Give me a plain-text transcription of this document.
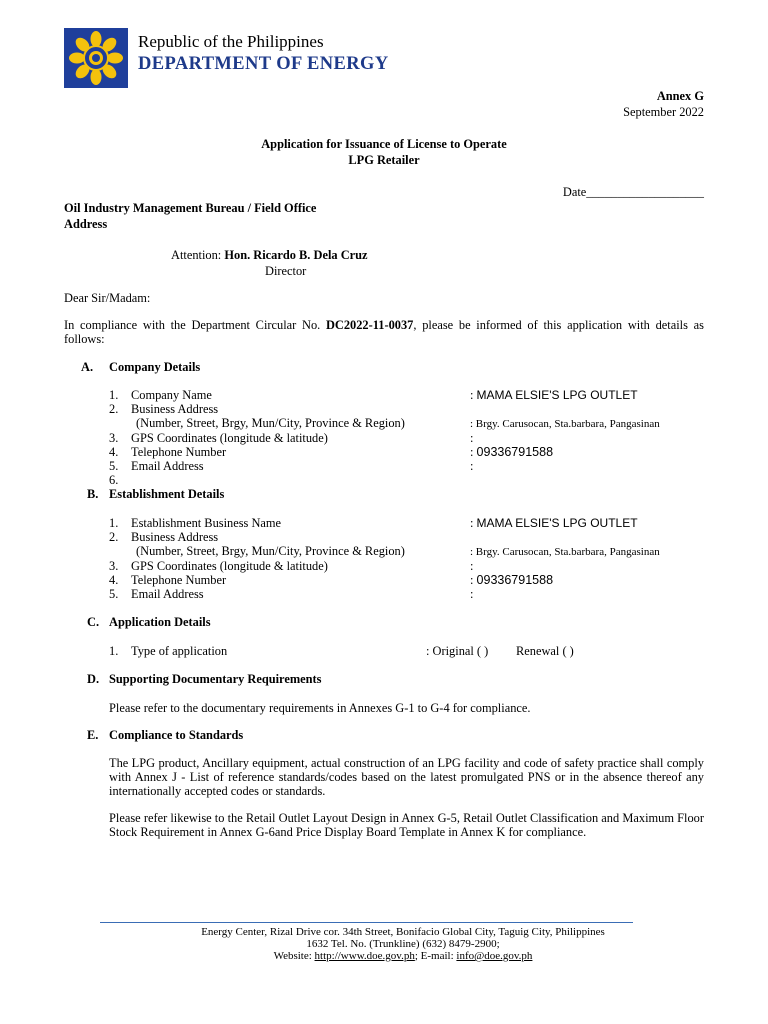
Republic of the Philippines
DEPARTMENT OF ENERGY
Annex G
September 2022
Application for Issuance of License to Operate
LPG Retailer
Date___________________
Oil Industry Management Bureau / Field Office
Address
Attention: Hon. Ricardo B. Dela Cruz
Director
Dear Sir/Madam:
In compliance with the Department Circular No. DC2022-11-0037, please be informed of this application with details as follows:
A. Company Details
1. Company Name	: MAMA ELSIE'S LPG OUTLET
2. Business Address
(Number, Street, Brgy, Mun/City, Province & Region)	: Brgy. Carusocan, Sta.barbara, Pangasinan
3. GPS Coordinates (longitude & latitude)	:
4. Telephone Number	: 09336791588
5. Email Address	:
6.
B. Establishment Details
1. Establishment Business Name	: MAMA ELSIE'S LPG OUTLET
2. Business Address
(Number, Street, Brgy, Mun/City, Province & Region)	: Brgy. Carusocan, Sta.barbara, Pangasinan
3. GPS Coordinates (longitude & latitude)	:
4. Telephone Number	: 09336791588
5. Email Address	:
C. Application Details
1. Type of application	: Original ( ) Renewal ( )
D. Supporting Documentary Requirements
Please refer to the documentary requirements in Annexes G-1 to G-4 for compliance.
E. Compliance to Standards
The LPG product, Ancillary equipment, actual construction of an LPG facility and code of safety practice shall comply with Annex J - List of reference standards/codes based on the latest promulgated PNS or in the absence thereof any internationally accepted codes or standards.
Please refer likewise to the Retail Outlet Layout Design in Annex G-5, Retail Outlet Classification and Maximum Floor Stock Requirement in Annex G-6and Price Display Board Template in Annex K for compliance.
Energy Center, Rizal Drive cor. 34th Street, Bonifacio Global City, Taguig City, Philippines
1632 Tel. No. (Trunkline) (632) 8479-2900;
Website: http://www.doe.gov.ph; E-mail: info@doe.gov.ph
